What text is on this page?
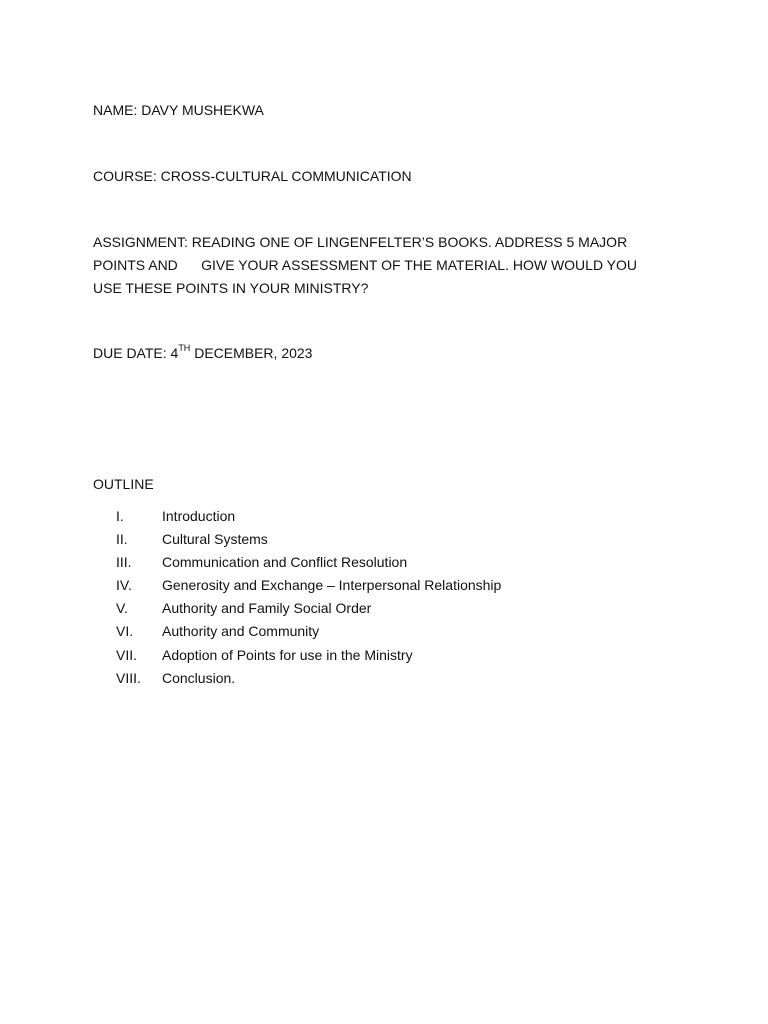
NAME: DAVY MUSHEKWA
COURSE: CROSS-CULTURAL COMMUNICATION
ASSIGNMENT: READING ONE OF LINGENFELTER’S BOOKS. ADDRESS 5 MAJOR
POINTS AND      GIVE YOUR ASSESSMENT OF THE MATERIAL. HOW WOULD YOU
USE THESE POINTS IN YOUR MINISTRY?
DUE DATE: 4TH DECEMBER, 2023
OUTLINE
I.	Introduction
II.	Cultural Systems
III.	Communication and Conflict Resolution
IV.	Generosity and Exchange – Interpersonal Relationship
V.	Authority and Family Social Order
VI.	Authority and Community
VII.	Adoption of Points for use in the Ministry
VIII.	Conclusion.
